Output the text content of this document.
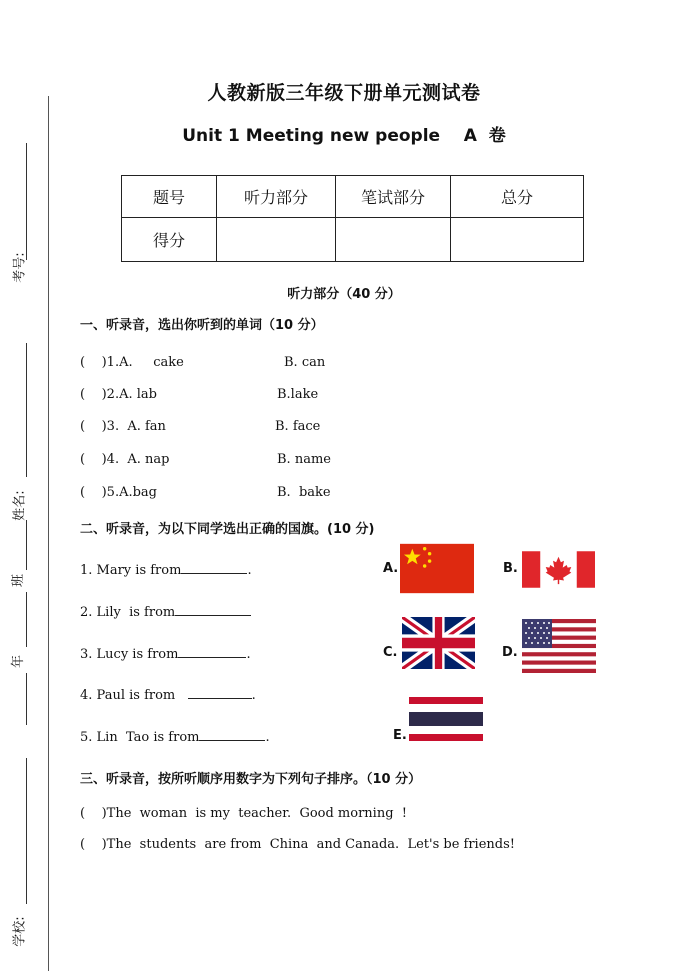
考号:
姓名:
班
年
学校:
人教新版三年级下册单元测试卷
Unit 1 Meeting new people    A  卷
题号	听力部分	笔试部分	总分
得分			
听力部分（40 分）
一、听录音，选出你听到的单词（10 分）
(    )1.A.     cake	B. can
(    )2.A. lab	B.lake
(    )3.  A. fan	B. face
(    )4.  A. nap	B. name
(    )5.A.bag	B.  bake
二、听录音，为以下同学选出正确的国旗。(10 分)
1. Mary is from	.
2. Lily  is from
3. Lucy is from	.
4. Paul is from	.
5. Lin  Tao is from	.
A.	B.
C.	D.
E.
三、听录音，按所听顺序用数字为下列句子排序。（10 分）
(    )The  woman  is my  teacher.  Good morning  !
(    )The  students  are from  China  and Canada.  Let's be friends!
